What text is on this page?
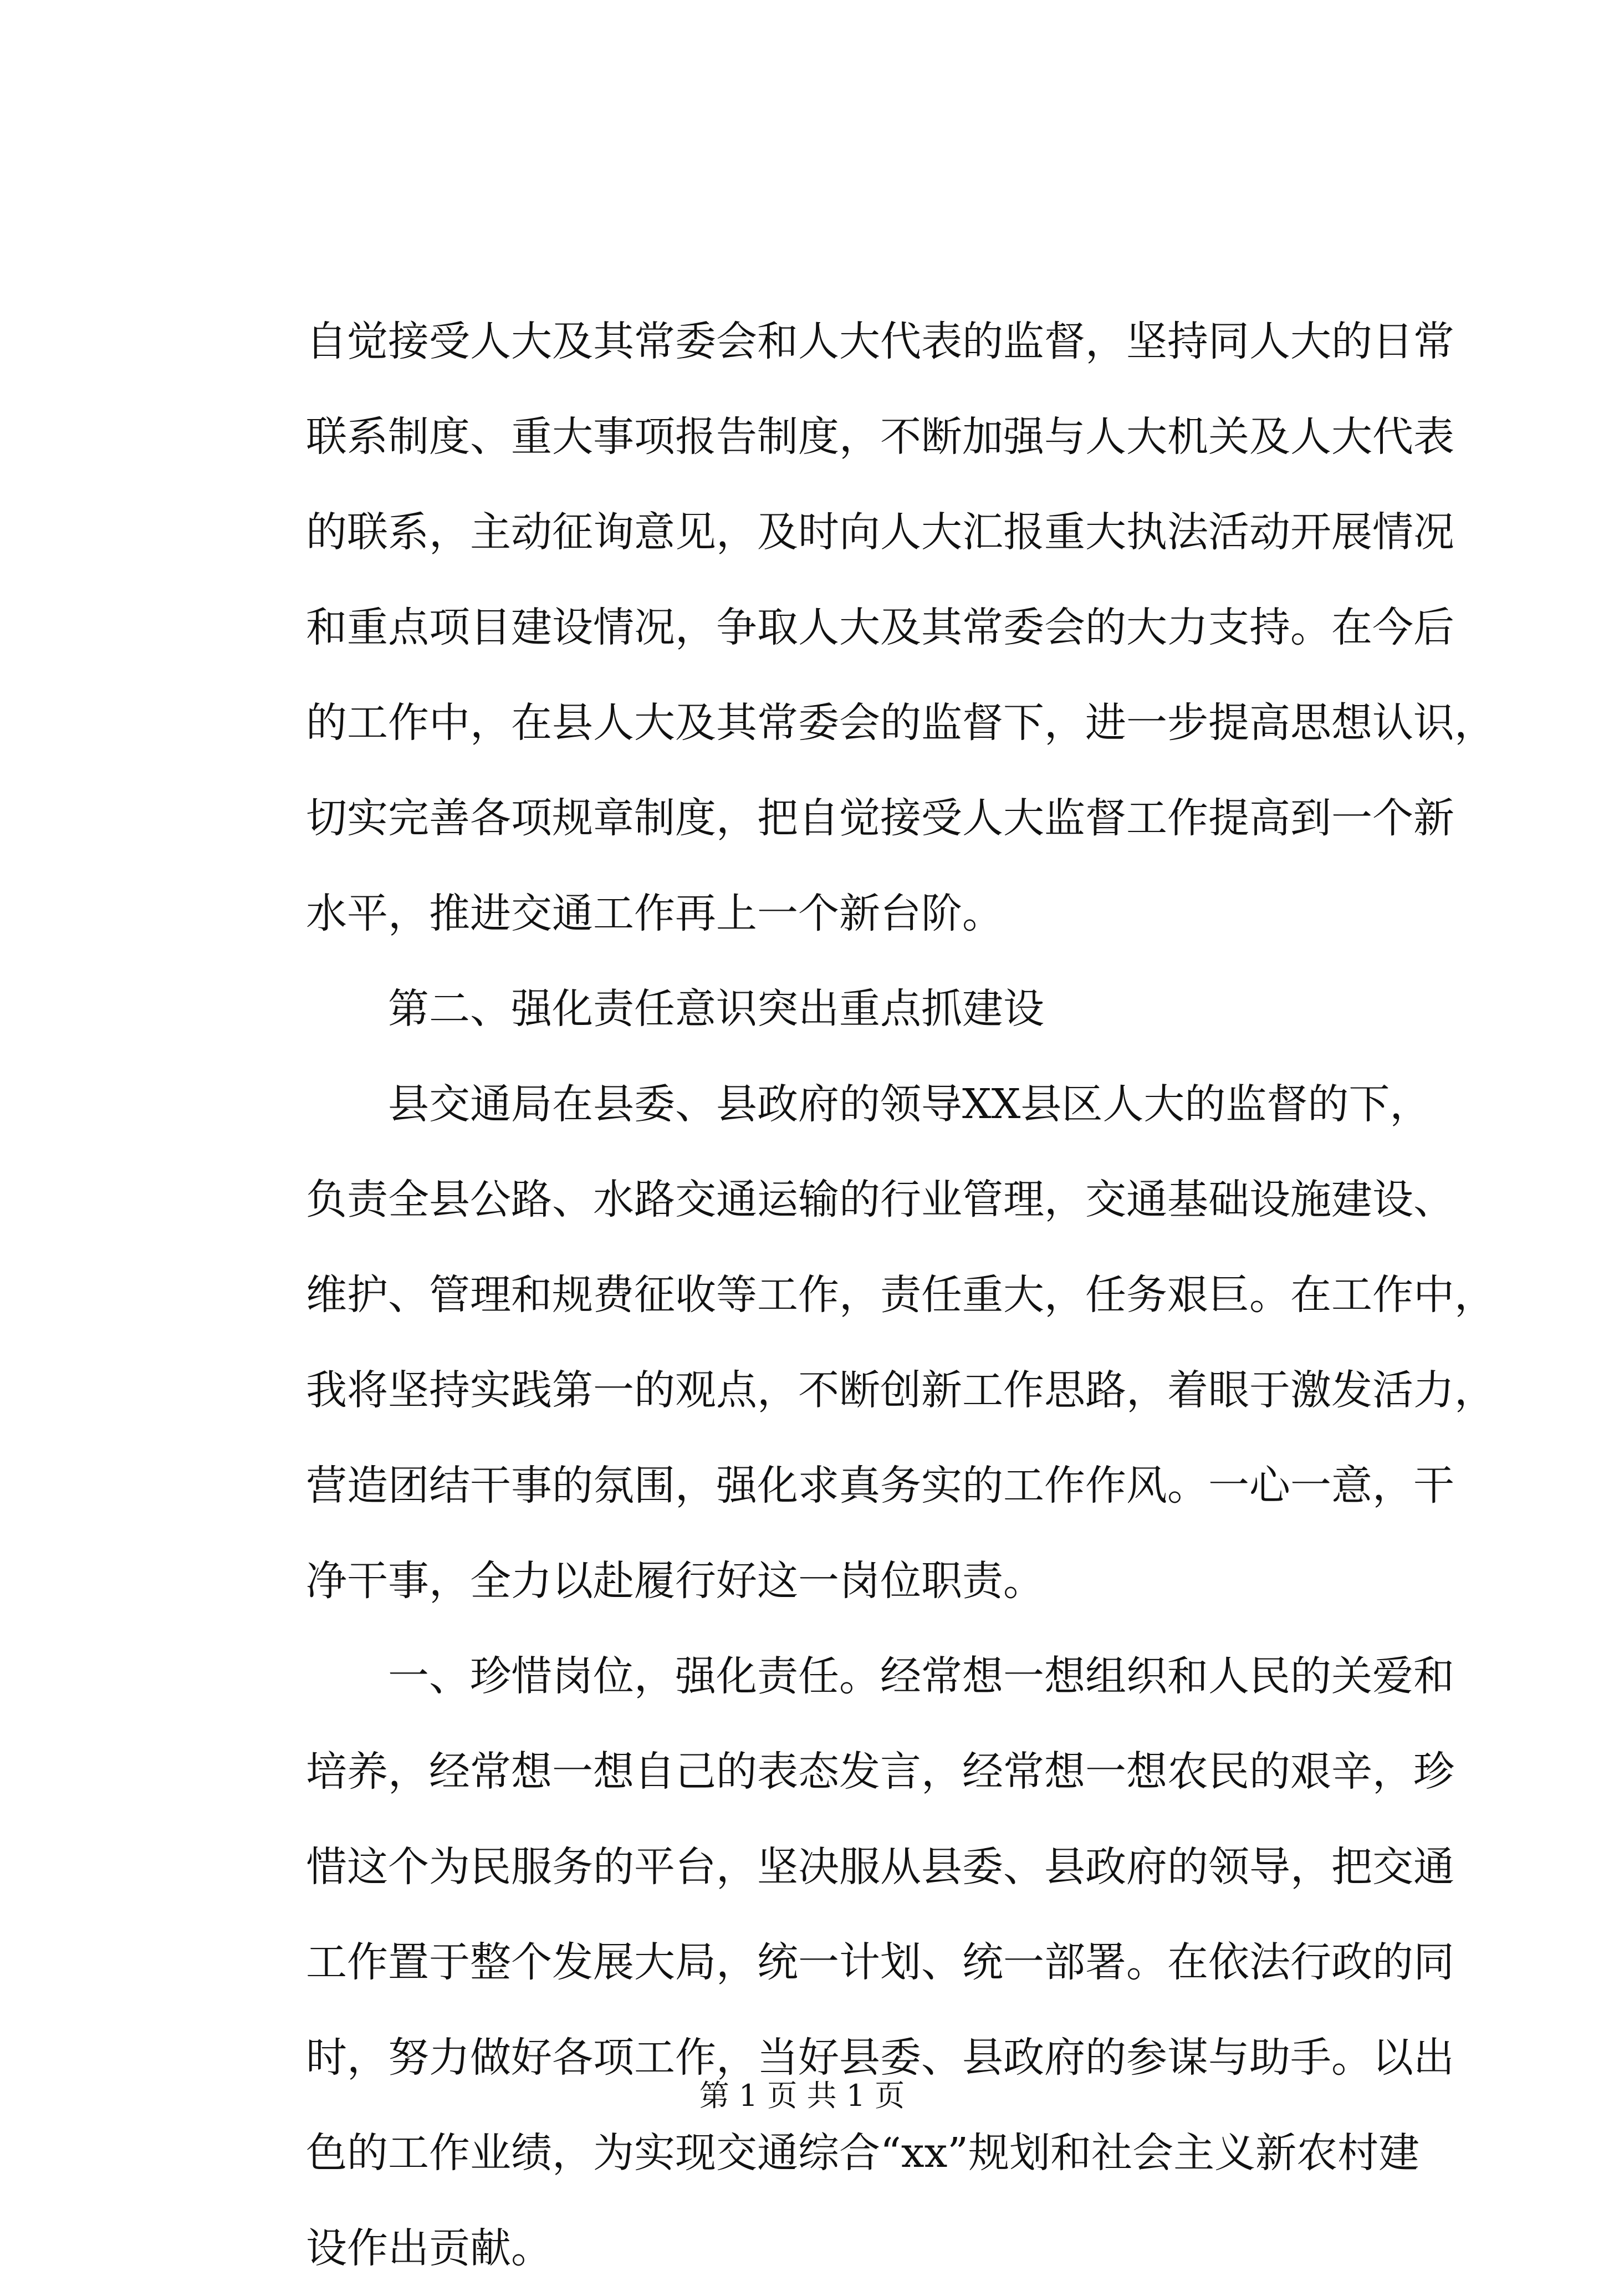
自觉接受人大及其常委会和人大代表的监督，坚持同人大的日常
联系制度、重大事项报告制度，不断加强与人大机关及人大代表
的联系，主动征询意见，及时向人大汇报重大执法活动开展情况
和重点项目建设情况，争取人大及其常委会的大力支持。在今后
的工作中，在县人大及其常委会的监督下，进一步提高思想认识，
切实完善各项规章制度，把自觉接受人大监督工作提高到一个新
水平，推进交通工作再上一个新台阶。
第二、强化责任意识突出重点抓建设
县交通局在县委、县政府的领导XX县区人大的监督的下，
负责全县公路、水路交通运输的行业管理，交通基础设施建设、
维护、管理和规费征收等工作，责任重大，任务艰巨。在工作中，
我将坚持实践第一的观点，不断创新工作思路，着眼于激发活力，
营造团结干事的氛围，强化求真务实的工作作风。一心一意，干
净干事，全力以赴履行好这一岗位职责。
一、珍惜岗位，强化责任。经常想一想组织和人民的关爱和
培养，经常想一想自己的表态发言，经常想一想农民的艰辛，珍
惜这个为民服务的平台，坚决服从县委、县政府的领导，把交通
工作置于整个发展大局，统一计划、统一部署。在依法行政的同
时，努力做好各项工作，当好县委、县政府的参谋与助手。以出
色的工作业绩，为实现交通综合“xx”规划和社会主义新农村建
设作出贡献。
第 1 页 共 1 页
